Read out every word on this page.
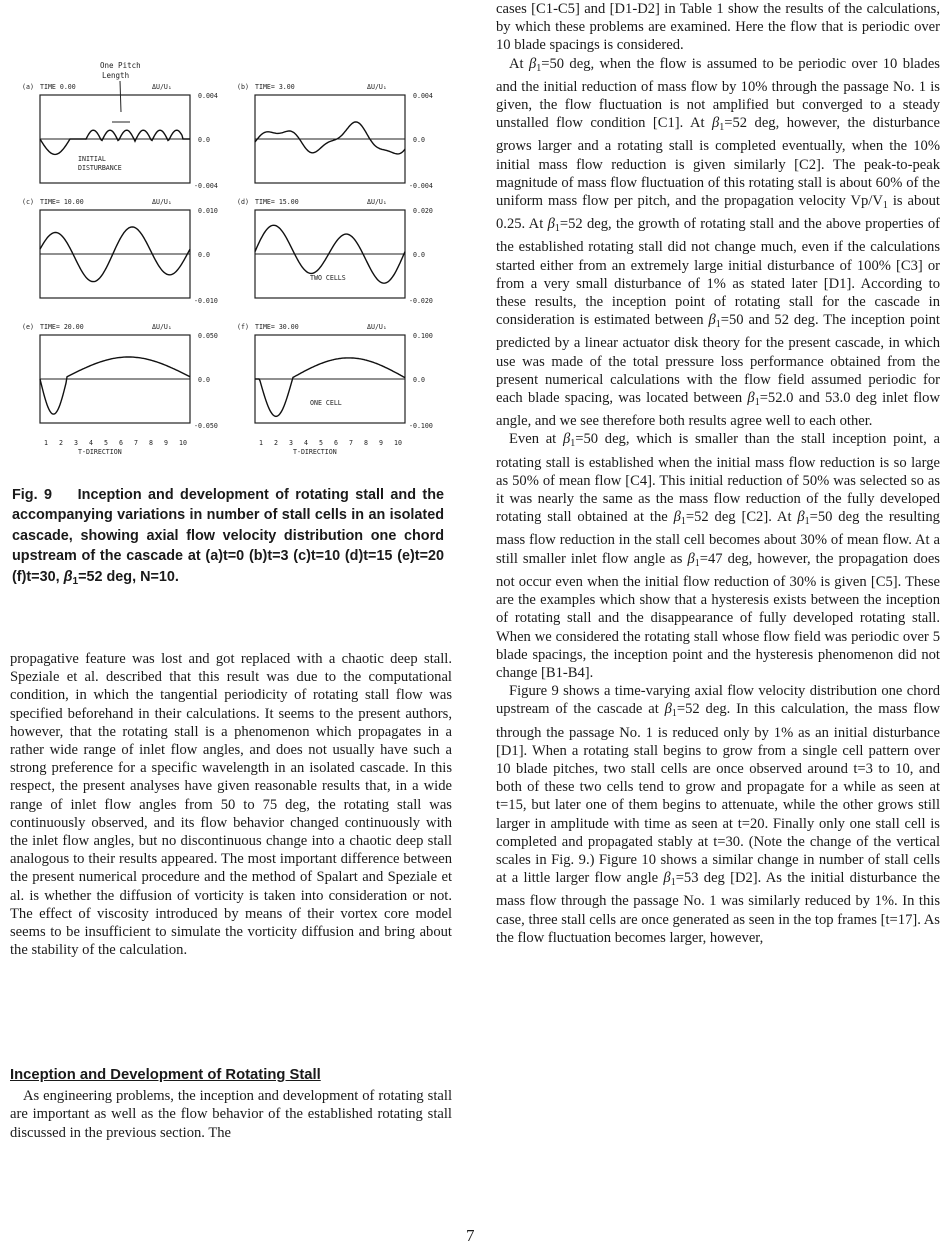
(a) TIME 0.00	ΔU/U₁
0.004
0.0
-0.004
INITIAL
DISTURBANCE
(b) TIME= 3.00	ΔU/U₁
0.004
0.0
-0.004
(c) TIME= 10.00	ΔU/U₁
0.010
0.0
-0.010
(d) TIME= 15.00	ΔU/U₁
0.020
0.0
-0.020
TWO CELLS
(e) TIME= 20.00	ΔU/U₁
0.050
0.0
-0.050
1 2 3 4 5 6 7 8 9 10
T-DIRECTION
(f) TIME= 30.00	ΔU/U₁
0.100
0.0
-0.100
ONE CELL
1 2 3 4 5 6 7 8 9 10
T-DIRECTION
One Pitch
Length
Fig. 9 Inception and development of rotating stall and the accompanying variations in number of stall cells in an isolated cascade, showing axial flow velocity distribution one chord upstream of the cascade at (a)t=0 (b)t=3 (c)t=10 (d)t=15 (e)t=20 (f)t=30, $\beta_1=52$ deg, N=10.

propagative feature was lost and got replaced with a chaotic deep stall. Speziale et al. described that this result was due to the computational condition, in which the tangential periodicity of rotating stall flow was specified beforehand in their calculations. It seems to the present authors, however, that the rotating stall is a phenomenon which propagates in a rather wide range of inlet flow angles, and does not usually have such a strong preference for a specific wavelength in an isolated cascade. In this respect, the present analyses have given reasonable results that, in a wide range of inlet flow angles from 50 to 75 deg, the rotating stall was continuously observed, and its flow behavior changed continuously with the inlet flow angles, but no discontinuous change into a chaotic deep stall analogous to their results appeared. The most important difference between the present numerical procedure and the method of Spalart and Speziale et al. is whether the diffusion of vorticity is taken into consideration or not. The effect of viscosity introduced by means of their vortex core model seems to be insufficient to simulate the vorticity diffusion and bring about the stability of the calculation.

Inception and Development of Rotating Stall

As engineering problems, the inception and development of rotating stall are important as well as the flow behavior of the established rotating stall discussed in the previous section. The

cases [C1-C5] and [D1-D2] in Table 1 show the results of the calculations, by which these problems are examined. Here the flow that is periodic over 10 blade spacings is considered.

At $\beta_1=50$ deg, when the flow is assumed to be periodic over 10 blades and the initial reduction of mass flow by 10% through the passage No. 1 is given, the flow fluctuation is not amplified but converged to a steady unstalled flow condition [C1]. At $\beta_1=52$ deg, however, the disturbance grows larger and a rotating stall is completed eventually, when the 10% initial mass flow reduction is given similarly [C2]. The peak-to-peak magnitude of mass flow fluctuation of this rotating stall is about 60% of the uniform mass flow per pitch, and the propagation velocity $Vp/V_1$ is about 0.25. At $\beta_1=52$ deg, the growth of rotating stall and the above properties of the established rotating stall did not change much, even if the calculations started either from an extremely large initial disturbance of 100% [C3] or from a very small disturbance of 1% as stated later [D1]. According to these results, the inception point of rotating stall for the cascade in consideration is estimated between $\beta_1=50$ and 52 deg. The inception point predicted by a linear actuator disk theory for the present cascade, in which use was made of the total pressure loss performance obtained from the present numerical calculations with the flow field assumed periodic for each blade spacing, was located between $\beta_1=52.0$ and 53.0 deg inlet flow angle, and we see therefore both results agree well to each other.

Even at $\beta_1=50$ deg, which is smaller than the stall inception point, a rotating stall is established when the initial mass flow reduction is so large as 50% of mean flow [C4]. This initial reduction of 50% was selected so as it was nearly the same as the mass flow reduction of the fully developed rotating stall obtained at the $\beta_1=52$ deg [C2]. At $\beta_1=50$ deg the resulting mass flow reduction in the stall cell becomes about 30% of mean flow. At a still smaller inlet flow angle as $\beta_1=47$ deg, however, the propagation does not occur even when the initial flow reduction of 30% is given [C5]. These are the examples which show that a hysteresis exists between the inception of rotating stall and the disappearance of fully developed rotating stall. When we considered the rotating stall whose flow field was periodic over 5 blade spacings, the inception point and the hysteresis phenomenon did not change [B1-B4].

Figure 9 shows a time-varying axial flow velocity distribution one chord upstream of the cascade at $\beta_1=52$ deg. In this calculation, the mass flow through the passage No. 1 is reduced only by 1% as an initial disturbance [D1]. When a rotating stall begins to grow from a single cell pattern over 10 blade pitches, two stall cells are once observed around t=3 to 10, and both of these two cells tend to grow and propagate for a while as seen at t=15, but later one of them begins to attenuate, while the other grows still larger in amplitude with time as seen at t=20. Finally only one stall cell is completed and propagated stably at t=30. (Note the change of the vertical scales in Fig. 9.) Figure 10 shows a similar change in number of stall cells at a little larger flow angle $\beta_1=53$ deg [D2]. As the initial disturbance the mass flow through the passage No. 1 was similarly reduced by 1%. In this case, three stall cells are once generated as seen in the top frames [t=17]. As the flow fluctuation becomes larger, however,

7
